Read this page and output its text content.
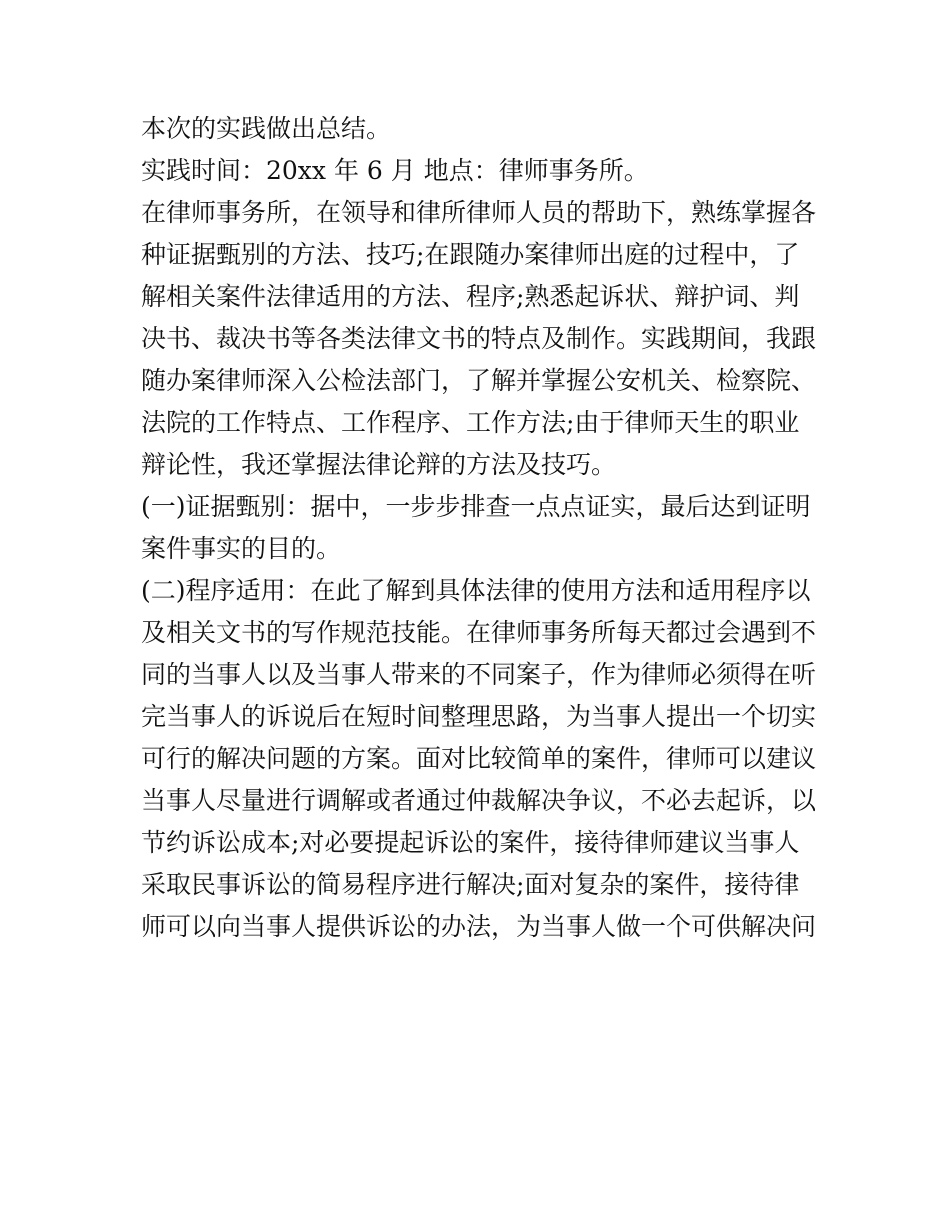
本次的实践做出总结。
实践时间：20xx 年 6 月 地点：律师事务所。
在律师事务所，在领导和律所律师人员的帮助下，熟练掌握各
种证据甄别的方法、技巧;在跟随办案律师出庭的过程中，了
解相关案件法律适用的方法、程序;熟悉起诉状、辩护词、判
决书、裁决书等各类法律文书的特点及制作。实践期间，我跟
随办案律师深入公检法部门，了解并掌握公安机关、检察院、
法院的工作特点、工作程序、工作方法;由于律师天生的职业
辩论性，我还掌握法律论辩的方法及技巧。
(一)证据甄别：据中，一步步排查一点点证实，最后达到证明
案件事实的目的。
(二)程序适用：在此了解到具体法律的使用方法和适用程序以
及相关文书的写作规范技能。在律师事务所每天都过会遇到不
同的当事人以及当事人带来的不同案子，作为律师必须得在听
完当事人的诉说后在短时间整理思路，为当事人提出一个切实
可行的解决问题的方案。面对比较简单的案件，律师可以建议
当事人尽量进行调解或者通过仲裁解决争议，不必去起诉，以
节约诉讼成本;对必要提起诉讼的案件，接待律师建议当事人
采取民事诉讼的简易程序进行解决;面对复杂的案件，接待律
师可以向当事人提供诉讼的办法，为当事人做一个可供解决问
